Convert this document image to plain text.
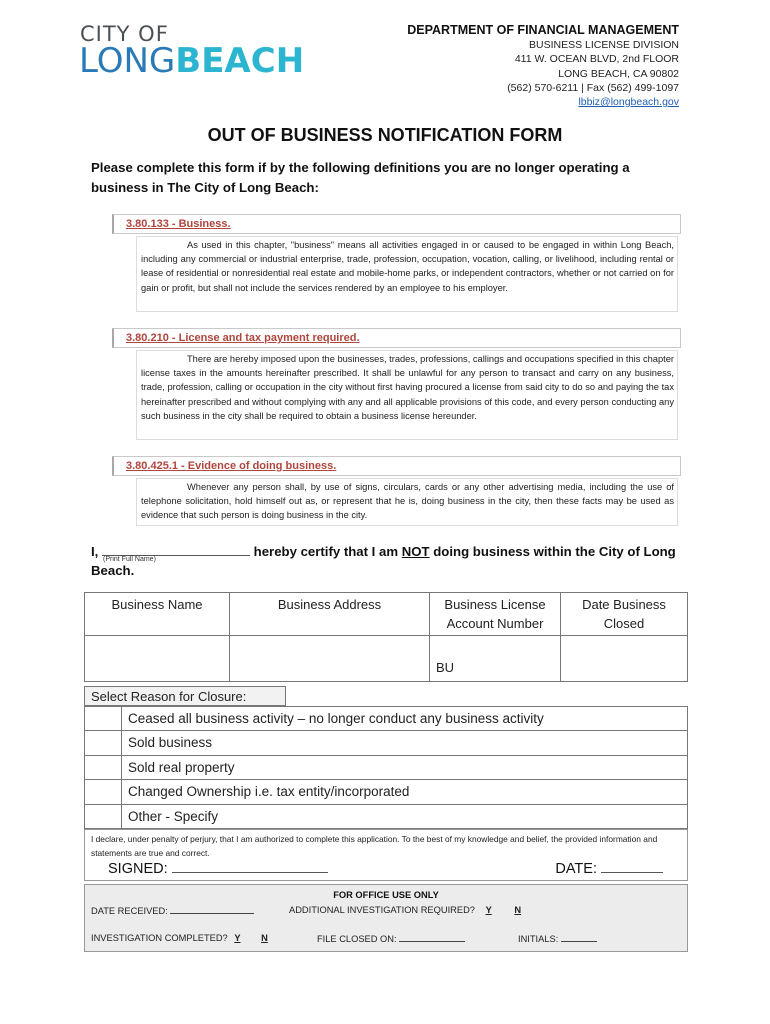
CITY OF
LONGBEACH
DEPARTMENT OF FINANCIAL MANAGEMENT
BUSINESS LICENSE DIVISION
411 W. OCEAN BLVD, 2nd FLOOR
LONG BEACH, CA 90802
(562) 570-6211 | Fax (562) 499-1097
lbbiz@longbeach.gov
OUT OF BUSINESS NOTIFICATION FORM
Please complete this form if by the following definitions you are no longer operating a business in The City of Long Beach:
3.80.133 - Business.
As used in this chapter, "business" means all activities engaged in or caused to be engaged in within Long Beach, including any commercial or industrial enterprise, trade, profession, occupation, vocation, calling, or livelihood, including rental or lease of residential or nonresidential real estate and mobile-home parks, or independent contractors, whether or not carried on for gain or profit, but shall not include the services rendered by an employee to his employer.
3.80.210 - License and tax payment required.
There are hereby imposed upon the businesses, trades, professions, callings and occupations specified in this chapter license taxes in the amounts hereinafter prescribed. It shall be unlawful for any person to transact and carry on any business, trade, profession, calling or occupation in the city without first having procured a license from said city to do so and paying the tax hereinafter prescribed and without complying with any and all applicable provisions of this code, and every person conducting any such business in the city shall be required to obtain a business license hereunder.
3.80.425.1 - Evidence of doing business.
Whenever any person shall, by use of signs, circulars, cards or any other advertising media, including the use of telephone solicitation, hold himself out as, or represent that he is, doing business in the city, then these facts may be used as evidence that such person is doing business in the city.
I,	hereby certify that I am NOT doing business within the City of Long Beach.
(Print Full Name)
Business Name	Business Address	Business License Account Number	Date Business Closed
		BU	
Select Reason for Closure:
Ceased all business activity – no longer conduct any business activity
Sold business
Sold real property
Changed Ownership i.e. tax entity/incorporated
Other - Specify
I declare, under penalty of perjury, that I am authorized to complete this application. To the best of my knowledge and belief, the provided information and statements are true and correct.
SIGNED:	DATE:
FOR OFFICE USE ONLY
DATE RECEIVED:	ADDITIONAL INVESTIGATION REQUIRED? Y N
INVESTIGATION COMPLETED? Y N	FILE CLOSED ON:	INITIALS:
